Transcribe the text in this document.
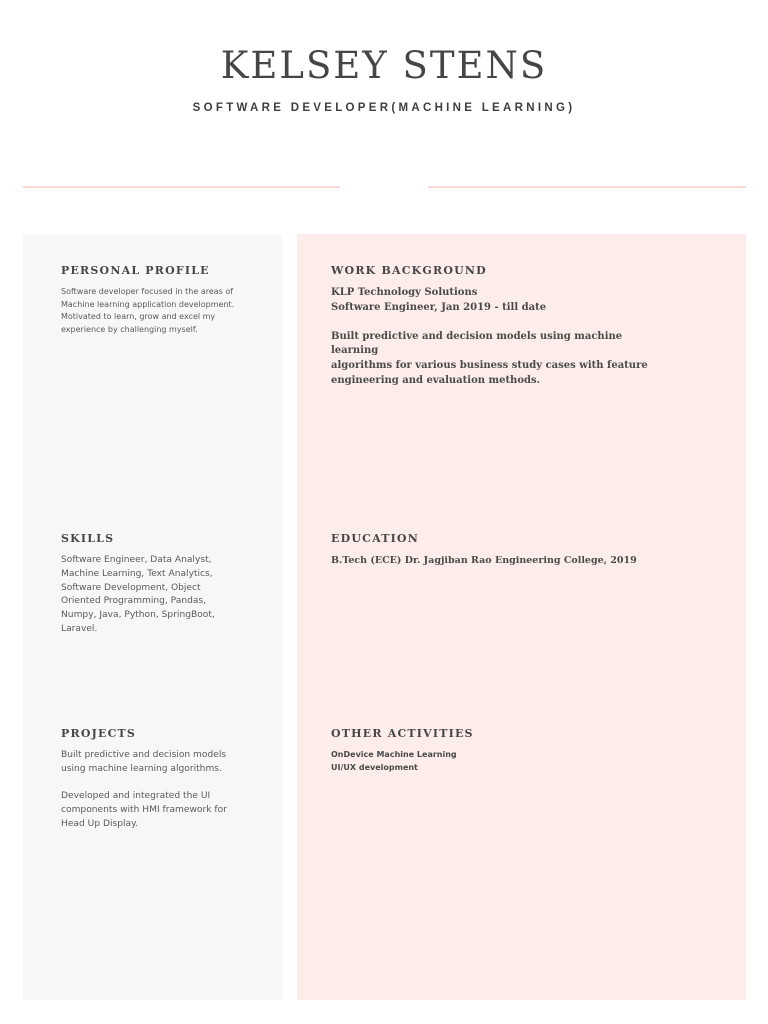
KELSEY STENS
SOFTWARE DEVELOPER(MACHINE LEARNING)
PERSONAL PROFILE
Software developer focused in the areas of
Machine learning application development.
Motivated to learn, grow and excel my
experience by challenging myself.
SKILLS
Software Engineer, Data Analyst,
Machine Learning, Text Analytics,
Software Development, Object
Oriented Programming, Pandas,
Numpy, Java, Python, SpringBoot,
Laravel.
PROJECTS

Built predictive and decision models
using machine learning algorithms.

Developed and integrated the UI
components with HMI framework for
Head Up Display.

WORK BACKGROUND
KLP Technology Solutions
Software Engineer, Jan 2019 - till date
Built predictive and decision models using machine learning
algorithms for various business study cases with feature
engineering and evaluation methods.
EDUCATION
B.Tech (ECE) Dr. Jagjiban Rao Engineering College, 2019
OTHER ACTIVITIES
OnDevice Machine Learning
UI/UX development
